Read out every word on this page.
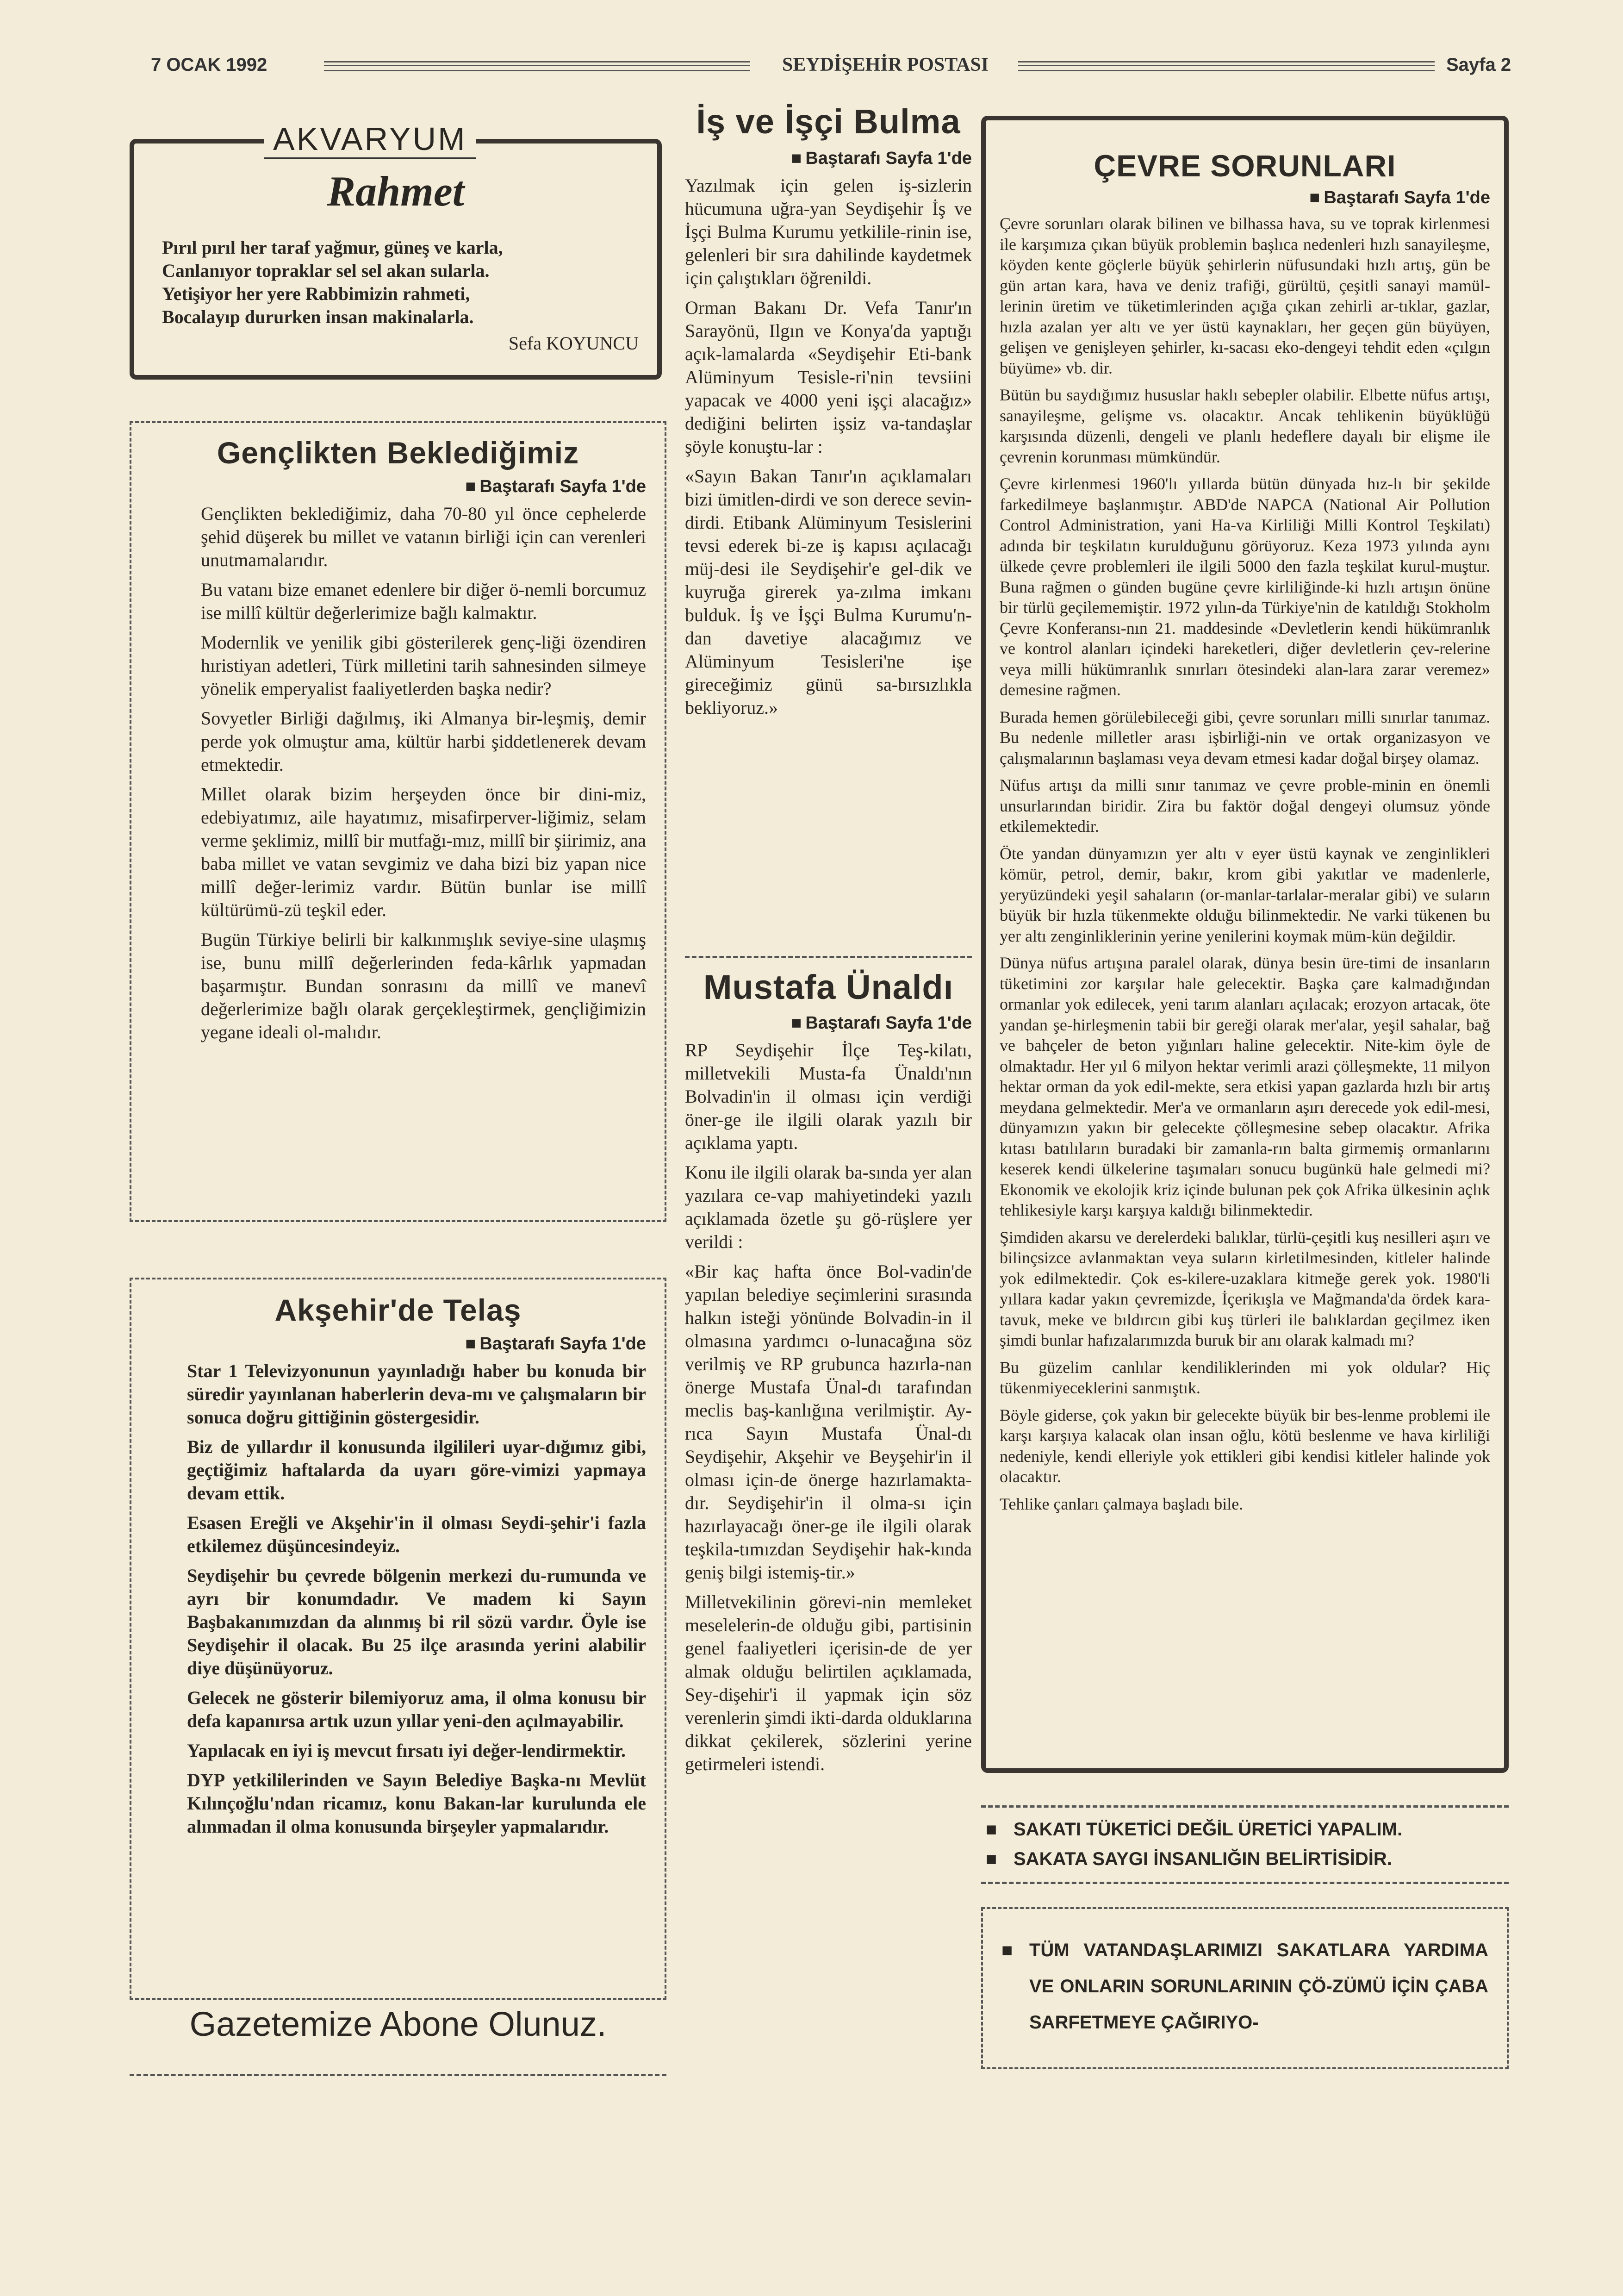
7 OCAK 1992	SEYDİŞEHİR POSTASI	Sayfa 2
AKVARYUM
Rahmet
Pırıl pırıl her taraf yağmur, güneş ve karla,
Canlanıyor topraklar sel sel akan sularla.
Yetişiyor her yere Rabbimizin rahmeti,
Bocalayıp dururken insan makinalarla.
Sefa KOYUNCU
Gençlikten Beklediğimiz
■ Baştarafı Sayfa 1'de

Gençlikten beklediğimiz, daha 70-80 yıl önce cephelerde şehid düşerek bu millet ve vatanın birliği için can verenleri unutmamalarıdır.

Bu vatanı bize emanet edenlere bir diğer ö-nemli borcumuz ise millî kültür değerlerimize bağlı kalmaktır.

Modernlik ve yenilik gibi gösterilerek genç-liği özendiren hıristiyan adetleri, Türk milletini tarih sahnesinden silmeye yönelik emperyalist faaliyetlerden başka nedir?

Sovyetler Birliği dağılmış, iki Almanya bir-leşmiş, demir perde yok olmuştur ama, kültür harbi şiddetlenerek devam etmektedir.

Millet olarak bizim herşeyden önce bir dini-miz, edebiyatımız, aile hayatımız, misafirperver-liğimiz, selam verme şeklimiz, millî bir mutfağı-mız, millî bir şiirimiz, ana baba millet ve vatan sevgimiz ve daha bizi biz yapan nice millî değer-lerimiz vardır. Bütün bunlar ise millî kültürümü-zü teşkil eder.

Bugün Türkiye belirli bir kalkınmışlık seviye-sine ulaşmış ise, bunu millî değerlerinden feda-kârlık yapmadan başarmıştır. Bundan sonrasını da millî ve manevî değerlerimize bağlı olarak gerçekleştirmek, gençliğimizin yegane ideali ol-malıdır.

Akşehir'de Telaş
■ Baştarafı Sayfa 1'de

Star 1 Televizyonunun yayınladığı haber bu konuda bir süredir yayınlanan haberlerin deva-mı ve çalışmaların bir sonuca doğru gittiğinin göstergesidir.

Biz de yıllardır il konusunda ilgilileri uyar-dığımız gibi, geçtiğimiz haftalarda da uyarı göre-vimizi yapmaya devam ettik.

Esasen Ereğli ve Akşehir'in il olması Seydi-şehir'i fazla etkilemez düşüncesindeyiz.

Seydişehir bu çevrede bölgenin merkezi du-rumunda ve ayrı bir konumdadır. Ve madem ki Sayın Başbakanımızdan da alınmış bi ril sözü vardır. Öyle ise Seydişehir il olacak. Bu 25 ilçe arasında yerini alabilir diye düşünüyoruz.

Gelecek ne gösterir bilemiyoruz ama, il olma konusu bir defa kapanırsa artık uzun yıllar yeni-den açılmayabilir.

Yapılacak en iyi iş mevcut fırsatı iyi değer-lendirmektir.

DYP yetkililerinden ve Sayın Belediye Başka-nı Mevlüt Kılınçoğlu'ndan ricamız, konu Bakan-lar kurulunda ele alınmadan il olma konusunda birşeyler yapmalarıdır.

Gazetemize Abone Olunuz.
İş ve İşçi Bulma
■ Baştarafı Sayfa 1'de

Yazılmak için gelen iş-sizlerin hücumuna uğra-yan Seydişehir İş ve İşçi Bulma Kurumu yetkilile-rinin ise, gelenleri bir sıra dahilinde kaydetmek için çalıştıkları öğrenildi.

Orman Bakanı Dr. Vefa Tanır'ın Sarayönü, Ilgın ve Konya'da yaptığı açık-lamalarda «Seydişehir Eti-bank Alüminyum Tesisle-ri'nin tevsiini yapacak ve 4000 yeni işçi alacağız» dediğini belirten işsiz va-tandaşlar şöyle konuştu-lar :

«Sayın Bakan Tanır'ın açıklamaları bizi ümitlen-dirdi ve son derece sevin-dirdi. Etibank Alüminyum Tesislerini tevsi ederek bi-ze iş kapısı açılacağı müj-desi ile Seydişehir'e gel-dik ve kuyruğa girerek ya-zılma imkanı bulduk. İş ve İşçi Bulma Kurumu'n-dan davetiye alacağımız ve Alüminyum Tesisleri'ne işe gireceğimiz günü sa-bırsızlıkla bekliyoruz.»

Mustafa Ünaldı
■ Baştarafı Sayfa 1'de

RP Seydişehir İlçe Teş-kilatı, milletvekili Musta-fa Ünaldı'nın Bolvadin'in il olması için verdiği öner-ge ile ilgili olarak yazılı bir açıklama yaptı.

Konu ile ilgili olarak ba-sında yer alan yazılara ce-vap mahiyetindeki yazılı açıklamada özetle şu gö-rüşlere yer verildi :

«Bir kaç hafta önce Bol-vadin'de yapılan belediye seçimlerini sırasında halkın isteği yönünde Bolvadin-in il olmasına yardımcı o-lunacağına söz verilmiş ve RP grubunca hazırla-nan önerge Mustafa Ünal-dı tarafından meclis baş-kanlığına verilmiştir. Ay-rıca Sayın Mustafa Ünal-dı Seydişehir, Akşehir ve Beyşehir'in il olması için-de önerge hazırlamakta-dır. Seydişehir'in il olma-sı için hazırlayacağı öner-ge ile ilgili olarak teşkila-tımızdan Seydişehir hak-kında geniş bilgi istemiş-tir.»

Milletvekilinin görevi-nin memleket meselelerin-de olduğu gibi, partisinin genel faaliyetleri içerisin-de de yer almak olduğu belirtilen açıklamada, Sey-dişehir'i il yapmak için söz verenlerin şimdi ikti-darda olduklarına dikkat çekilerek, sözlerini yerine getirmeleri istendi.

ÇEVRE SORUNLARI
■ Baştarafı Sayfa 1'de

Çevre sorunları olarak bilinen ve bilhassa hava, su ve toprak kirlenmesi ile karşımıza çıkan büyük problemin başlıca nedenleri hızlı sanayileşme, köyden kente göçlerle büyük şehirlerin nüfusundaki hızlı artış, gün be gün artan kara, hava ve deniz trafiği, gürültü, çeşitli sanayi mamül-lerinin üretim ve tüketimlerinden açığa çıkan zehirli ar-tıklar, gazlar, hızla azalan yer altı ve yer üstü kaynakları, her geçen gün büyüyen, gelişen ve genişleyen şehirler, kı-sacası eko-dengeyi tehdit eden «çılgın büyüme» vb. dir.

Bütün bu saydığımız hususlar haklı sebepler olabilir. Elbette nüfus artışı, sanayileşme, gelişme vs. olacaktır. Ancak tehlikenin büyüklüğü karşısında düzenli, dengeli ve planlı hedeflere dayalı bir elişme ile çevrenin korunması mümkündür.

Çevre kirlenmesi 1960'lı yıllarda bütün dünyada hız-lı bir şekilde farkedilmeye başlanmıştır. ABD'de NAPCA (National Air Pollution Control Administration, yani Ha-va Kirliliği Milli Kontrol Teşkilatı) adında bir teşkilatın kurulduğunu görüyoruz. Keza 1973 yılında aynı ülkede çevre problemleri ile ilgili 5000 den fazla teşkilat kurul-muştur. Buna rağmen o günden bugüne çevre kirliliğinde-ki hızlı artışın önüne bir türlü geçilememiştir. 1972 yılın-da Türkiye'nin de katıldığı Stokholm Çevre Konferansı-nın 21. maddesinde «Devletlerin kendi hükümranlık ve kontrol alanları içindeki hareketleri, diğer devletlerin çev-relerine veya milli hükümranlık sınırları ötesindeki alan-lara zarar veremez» demesine rağmen.

Burada hemen görülebileceği gibi, çevre sorunları milli sınırlar tanımaz. Bu nedenle milletler arası işbirliği-nin ve ortak organizasyon ve çalışmalarının başlaması veya devam etmesi kadar doğal birşey olamaz.

Nüfus artışı da milli sınır tanımaz ve çevre proble-minin en önemli unsurlarından biridir. Zira bu faktör doğal dengeyi olumsuz yönde etkilemektedir.

Öte yandan dünyamızın yer altı v eyer üstü kaynak ve zenginlikleri kömür, petrol, demir, bakır, krom gibi yakıtlar ve madenlerle, yeryüzündeki yeşil sahaların (or-manlar-tarlalar-meralar gibi) ve suların büyük bir hızla tükenmekte olduğu bilinmektedir. Ne varki tükenen bu yer altı zenginliklerinin yerine yenilerini koymak müm-kün değildir.

Dünya nüfus artışına paralel olarak, dünya besin üre-timi de insanların tüketimini zor karşılar hale gelecektir. Başka çare kalmadığından ormanlar yok edilecek, yeni tarım alanları açılacak; erozyon artacak, öte yandan şe-hirleşmenin tabii bir gereği olarak mer'alar, yeşil sahalar, bağ ve bahçeler de beton yığınları haline gelecektir. Nite-kim öyle de olmaktadır. Her yıl 6 milyon hektar verimli arazi çölleşmekte, 11 milyon hektar orman da yok edil-mekte, sera etkisi yapan gazlarda hızlı bir artış meydana gelmektedir. Mer'a ve ormanların aşırı derecede yok edil-mesi, dünyamızın yakın bir gelecekte çölleşmesine sebep olacaktır. Afrika kıtası batılıların buradaki bir zamanla-rın balta girmemiş ormanlarını keserek kendi ülkelerine taşımaları sonucu bugünkü hale gelmedi mi? Ekonomik ve ekolojik kriz içinde bulunan pek çok Afrika ülkesinin açlık tehlikesiyle karşı karşıya kaldığı bilinmektedir.

Şimdiden akarsu ve derelerdeki balıklar, türlü-çeşitli kuş nesilleri aşırı ve bilinçsizce avlanmaktan veya suların kirletilmesinden, kitleler halinde yok edilmektedir. Çok es-kilere-uzaklara kitmeğe gerek yok. 1980'li yıllara kadar yakın çevremizde, İçerikışla ve Mağmanda'da ördek kara-tavuk, meke ve bıldırcın gibi kuş türleri ile balıklardan geçilmez iken şimdi bunlar hafızalarımızda buruk bir anı olarak kalmadı mı?

Bu güzelim canlılar kendiliklerinden mi yok oldular? Hiç tükenmiyeceklerini sanmıştık.

Böyle giderse, çok yakın bir gelecekte büyük bir bes-lenme problemi ile karşı karşıya kalacak olan insan oğlu, kötü beslenme ve hava kirliliği nedeniyle, kendi elleriyle yok ettikleri gibi kendisi kitleler halinde yok olacaktır.

Tehlike çanları çalmaya başladı bile.

■ SAKATI TÜKETİCİ DEĞİL ÜRETİCİ YAPALIM.
■ SAKATA SAYGI İNSANLIĞIN BELİRTİSİDİR.
■ TÜM VATANDAŞLARIMIZI SAKATLARA YARDIMA VE ONLARIN SORUNLARININ ÇÖ-ZÜMÜ İÇİN ÇABA SARFETMEYE ÇAĞIRIYO-
